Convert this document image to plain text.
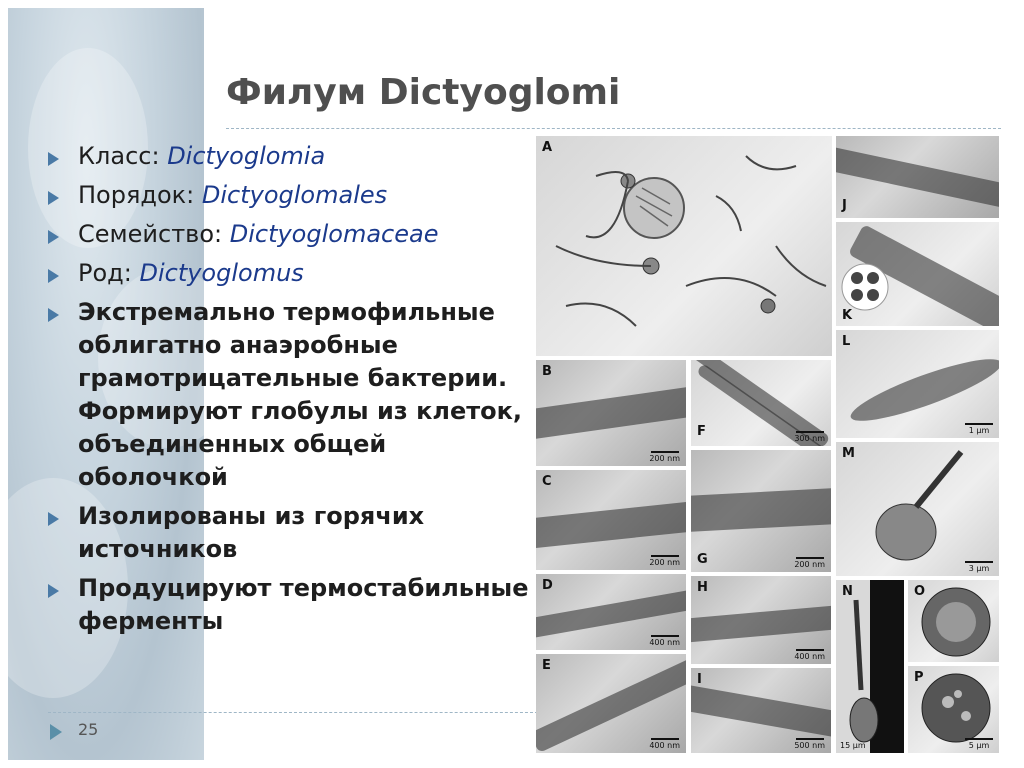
Филум Dictyoglomi
Класс: Dictyoglomia
Порядок: Dictyoglomales
Семейство: Dictyoglomaceae
Род: Dictyoglomus
Экстремально термофильные облигатно анаэробные грамотрицательные бактерии. Формируют глобулы из клеток, объединенных общей оболочкой
Изолированы из горячих источников
Продуцируют термостабильные ферменты
25
A
B
200 nm
F	300 nm
C
200 nm G	200 nm
D
400 nm
H
400 nm
E
400 nm
I
500 nm
J
K
L
1 µm
M
3 µm
N
15 µm
O
P
5 µm
